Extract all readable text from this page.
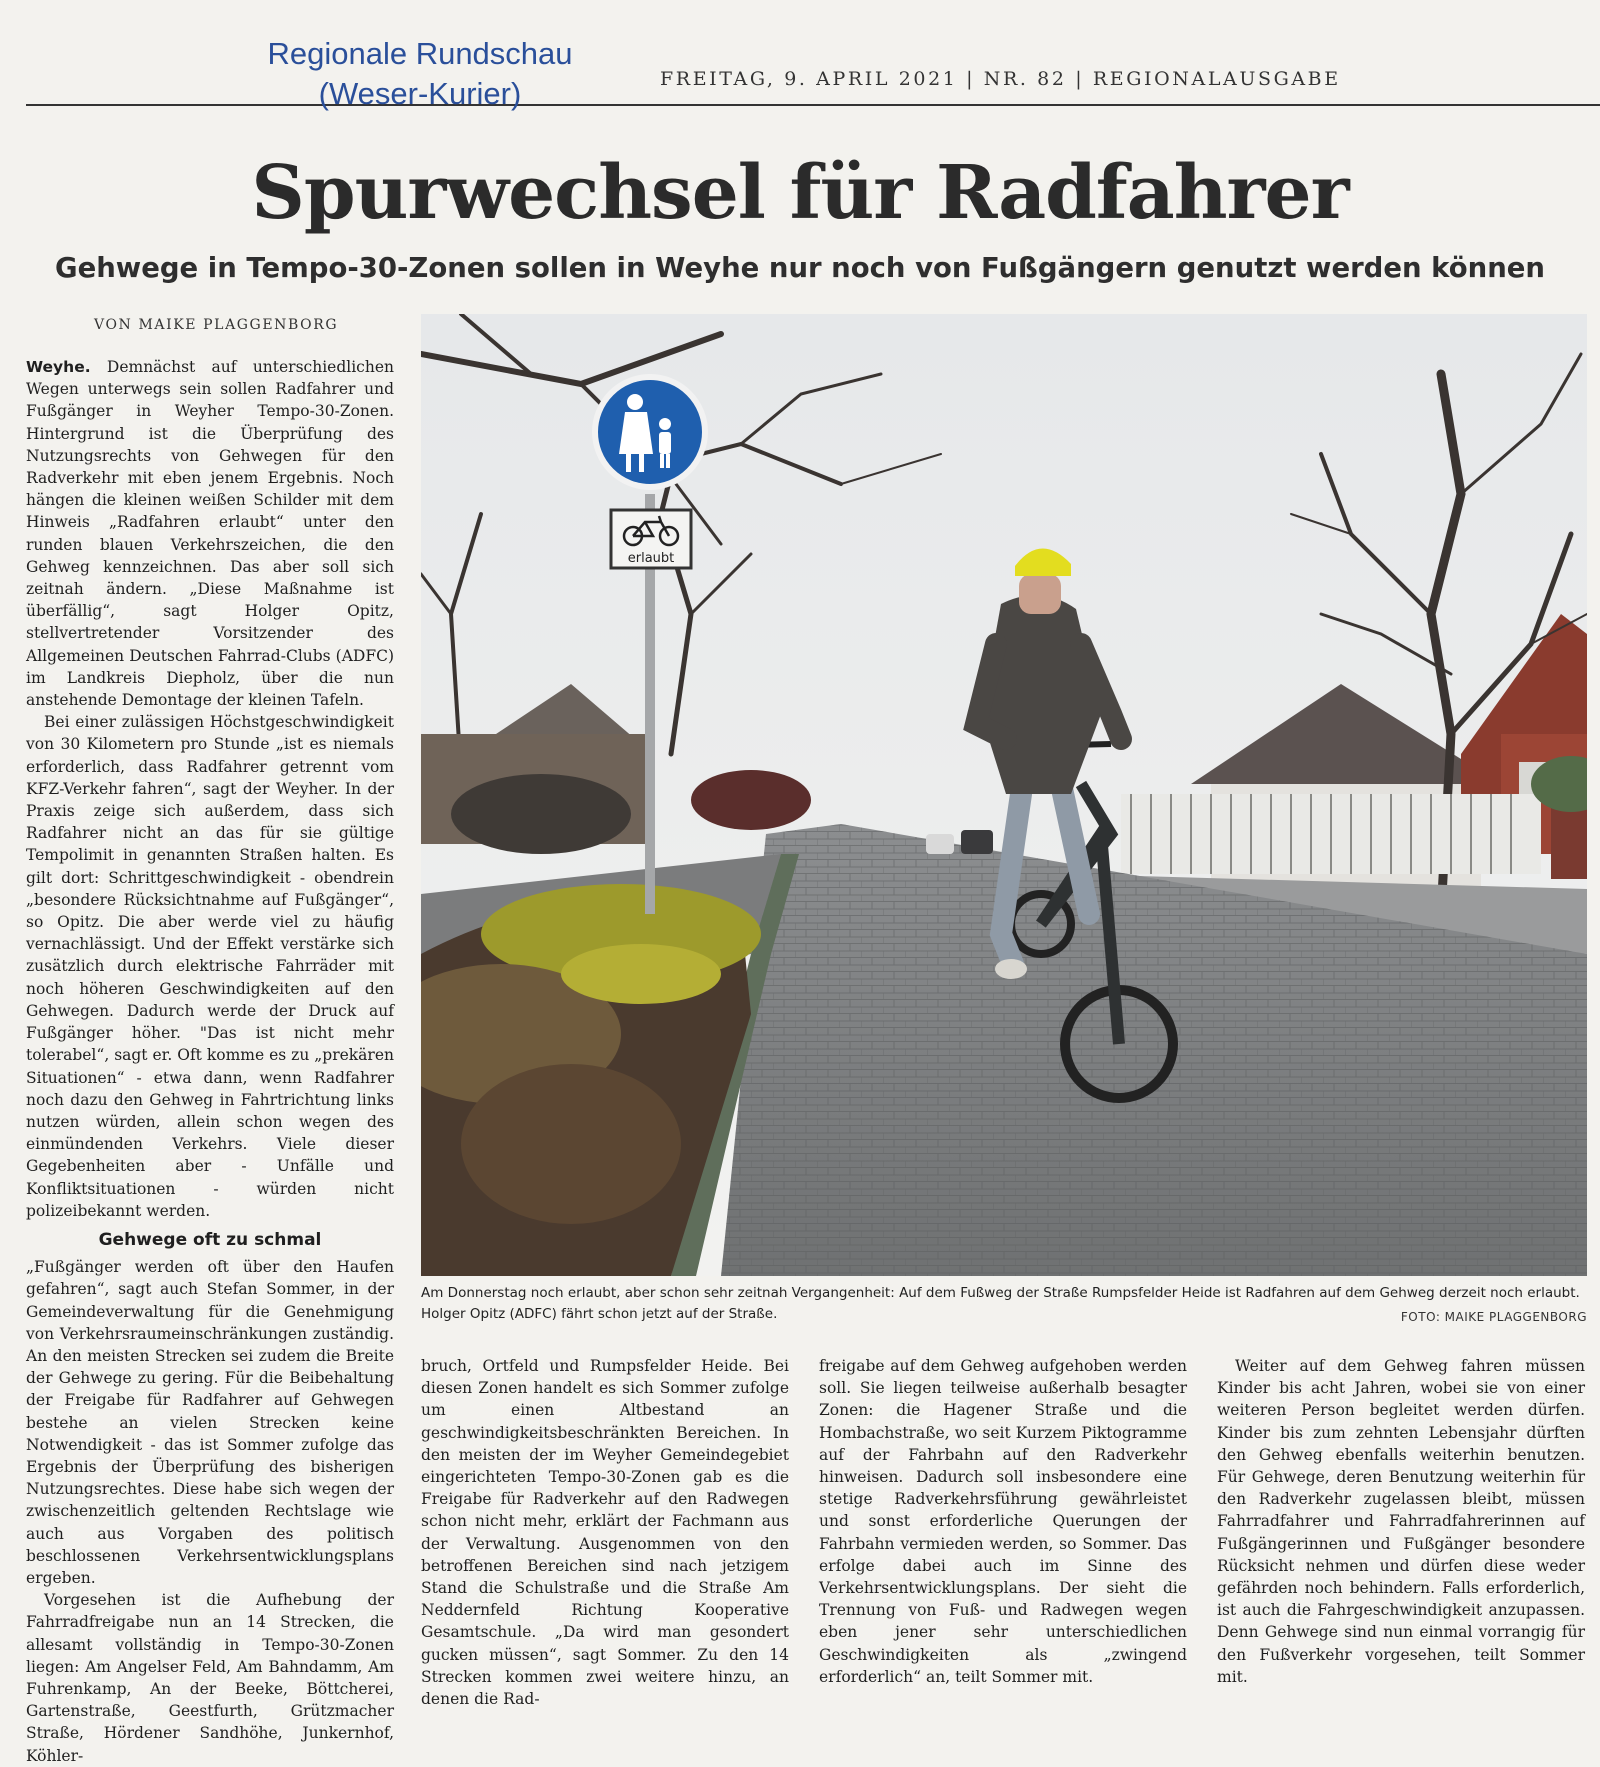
Regionale Rundschau
(Weser-Kurier)	FREITAG, 9. APRIL 2021 | NR. 82 | REGIONALAUSGABE
Spurwechsel für Radfahrer
Gehwege in Tempo-30-Zonen sollen in Weyhe nur noch von Fußgängern genutzt werden können
VON MAIKE PLAGGENBORG

Weyhe. Demnächst auf unterschiedlichen Wegen unterwegs sein sollen Radfahrer und Fußgänger in Weyher Tempo-30-Zonen. Hintergrund ist die Überprüfung des Nutzungsrechts von Gehwegen für den Radverkehr mit eben jenem Ergebnis. Noch hängen die kleinen weißen Schilder mit dem Hinweis „Radfahren erlaubt“ unter den runden blauen Verkehrszeichen, die den Gehweg kennzeichnen. Das aber soll sich zeitnah ändern. „Diese Maßnahme ist überfällig“, sagt Holger Opitz, stellvertretender Vorsitzender des Allgemeinen Deutschen Fahrrad-Clubs (ADFC) im Landkreis Diepholz, über die nun anstehende Demontage der kleinen Tafeln.

Bei einer zulässigen Höchstgeschwindigkeit von 30 Kilometern pro Stunde „ist es niemals erforderlich, dass Radfahrer getrennt vom KFZ-Verkehr fahren“, sagt der Weyher. In der Praxis zeige sich außerdem, dass sich Radfahrer nicht an das für sie gültige Tempolimit in genannten Straßen halten. Es gilt dort: Schrittgeschwindigkeit - obendrein „besondere Rücksichtnahme auf Fußgänger“, so Opitz. Die aber werde viel zu häufig vernachlässigt. Und der Effekt verstärke sich zusätzlich durch elektrische Fahrräder mit noch höheren Geschwindigkeiten auf den Gehwegen. Dadurch werde der Druck auf Fußgänger höher. "Das ist nicht mehr tolerabel“, sagt er. Oft komme es zu „prekären Situationen“ - etwa dann, wenn Radfahrer noch dazu den Gehweg in Fahrtrichtung links nutzen würden, allein schon wegen des einmündenden Verkehrs. Viele dieser Gegebenheiten aber - Unfälle und Konfliktsituationen - würden nicht polizeibekannt werden.

Gehwege oft zu schmal

„Fußgänger werden oft über den Haufen gefahren“, sagt auch Stefan Sommer, in der Gemeindeverwaltung für die Genehmigung von Verkehrsraumeinschränkungen zuständig. An den meisten Strecken sei zudem die Breite der Gehwege zu gering. Für die Beibehaltung der Freigabe für Radfahrer auf Gehwegen bestehe an vielen Strecken keine Notwendigkeit - das ist Sommer zufolge das Ergebnis der Überprüfung des bisherigen Nutzungsrechtes. Diese habe sich wegen der zwischenzeitlich geltenden Rechtslage wie auch aus Vorgaben des politisch beschlossenen Verkehrsentwicklungsplans ergeben.

Vorgesehen ist die Aufhebung der Fahrradfreigabe nun an 14 Strecken, die allesamt vollständig in Tempo-30-Zonen liegen: Am Angelser Feld, Am Bahndamm, Am Fuhrenkamp, An der Beeke, Böttcherei, Gartenstraße, Geestfurth, Grützmacher Straße, Hördener Sandhöhe, Junkernhof, Köhler-

erlaubt
Am Donnerstag noch erlaubt, aber schon sehr zeitnah Vergangenheit: Auf dem Fußweg der Straße Rumpsfelder Heide ist Radfahren auf dem Gehweg derzeit noch erlaubt. Holger Opitz (ADFC) fährt schon jetzt auf der Straße.	FOTO: MAIKE PLAGGENBORG

bruch, Ortfeld und Rumpsfelder Heide. Bei diesen Zonen handelt es sich Sommer zufolge um einen Altbestand an geschwindigkeitsbeschränkten Bereichen. In den meisten der im Weyher Gemeindegebiet eingerichteten Tempo-30-Zonen gab es die Freigabe für Radverkehr auf den Radwegen schon nicht mehr, erklärt der Fachmann aus der Verwaltung. Ausgenommen von den betroffenen Bereichen sind nach jetzigem Stand die Schulstraße und die Straße Am Neddernfeld Richtung Kooperative Gesamtschule. „Da wird man gesondert gucken müssen“, sagt Sommer. Zu den 14 Strecken kommen zwei weitere hinzu, an denen die Rad-

freigabe auf dem Gehweg aufgehoben werden soll. Sie liegen teilweise außerhalb besagter Zonen: die Hagener Straße und die Hombachstraße, wo seit Kurzem Piktogramme auf der Fahrbahn auf den Radverkehr hinweisen. Dadurch soll insbesondere eine stetige Radverkehrsführung gewährleistet und sonst erforderliche Querungen der Fahrbahn vermieden werden, so Sommer. Das erfolge dabei auch im Sinne des Verkehrsentwicklungsplans. Der sieht die Trennung von Fuß- und Radwegen wegen eben jener sehr unterschiedlichen Geschwindigkeiten als „zwingend erforderlich“ an, teilt Sommer mit.

Weiter auf dem Gehweg fahren müssen Kinder bis acht Jahren, wobei sie von einer weiteren Person begleitet werden dürfen. Kinder bis zum zehnten Lebensjahr dürften den Gehweg ebenfalls weiterhin benutzen. Für Gehwege, deren Benutzung weiterhin für den Radverkehr zugelassen bleibt, müssen Fahrradfahrer und Fahrradfahrerinnen auf Fußgängerinnen und Fußgänger besondere Rücksicht nehmen und dürfen diese weder gefährden noch behindern. Falls erforderlich, ist auch die Fahrgeschwindigkeit anzupassen. Denn Gehwege sind nun einmal vorrangig für den Fußverkehr vorgesehen, teilt Sommer mit.
